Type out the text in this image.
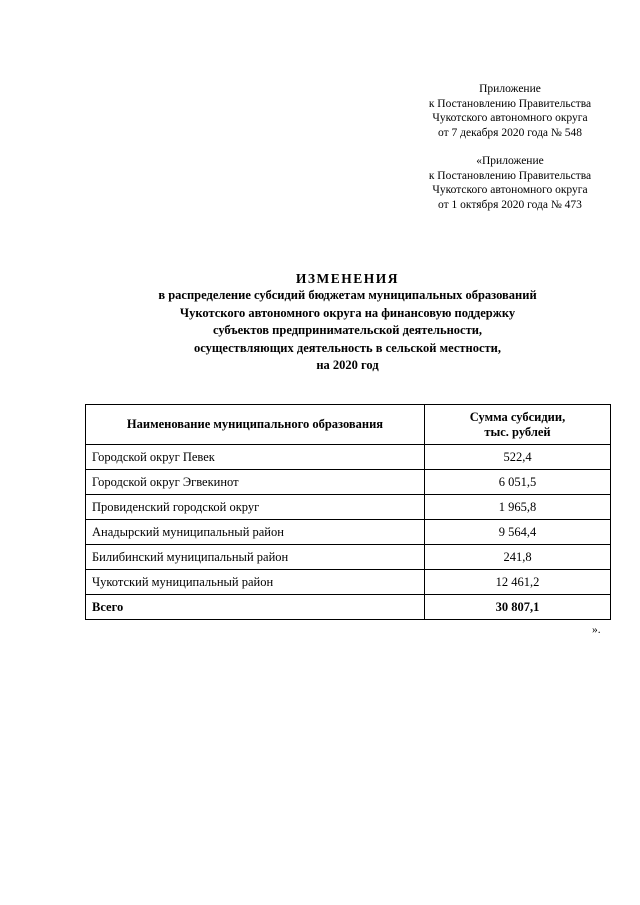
Приложение
к Постановлению Правительства
Чукотского автономного округа
от 7 декабря 2020 года № 548
«Приложение
к Постановлению Правительства
Чукотского автономного округа
от 1 октября 2020 года № 473
ИЗМЕНЕНИЯ
в распределение субсидий бюджетам муниципальных образований
Чукотского автономного округа на финансовую поддержку
субъектов предпринимательской деятельности,
осуществляющих деятельность в сельской местности,
на 2020 год
Наименование муниципального образования	Сумма субсидии,
тыс. рублей
Городской округ Певек	522,4
Городской округ Эгвекинот	6 051,5
Провиденский городской округ	1 965,8
Анадырский муниципальный район	9 564,4
Билибинский муниципальный район	241,8
Чукотский муниципальный район	12 461,2
Всего	30 807,1
».
